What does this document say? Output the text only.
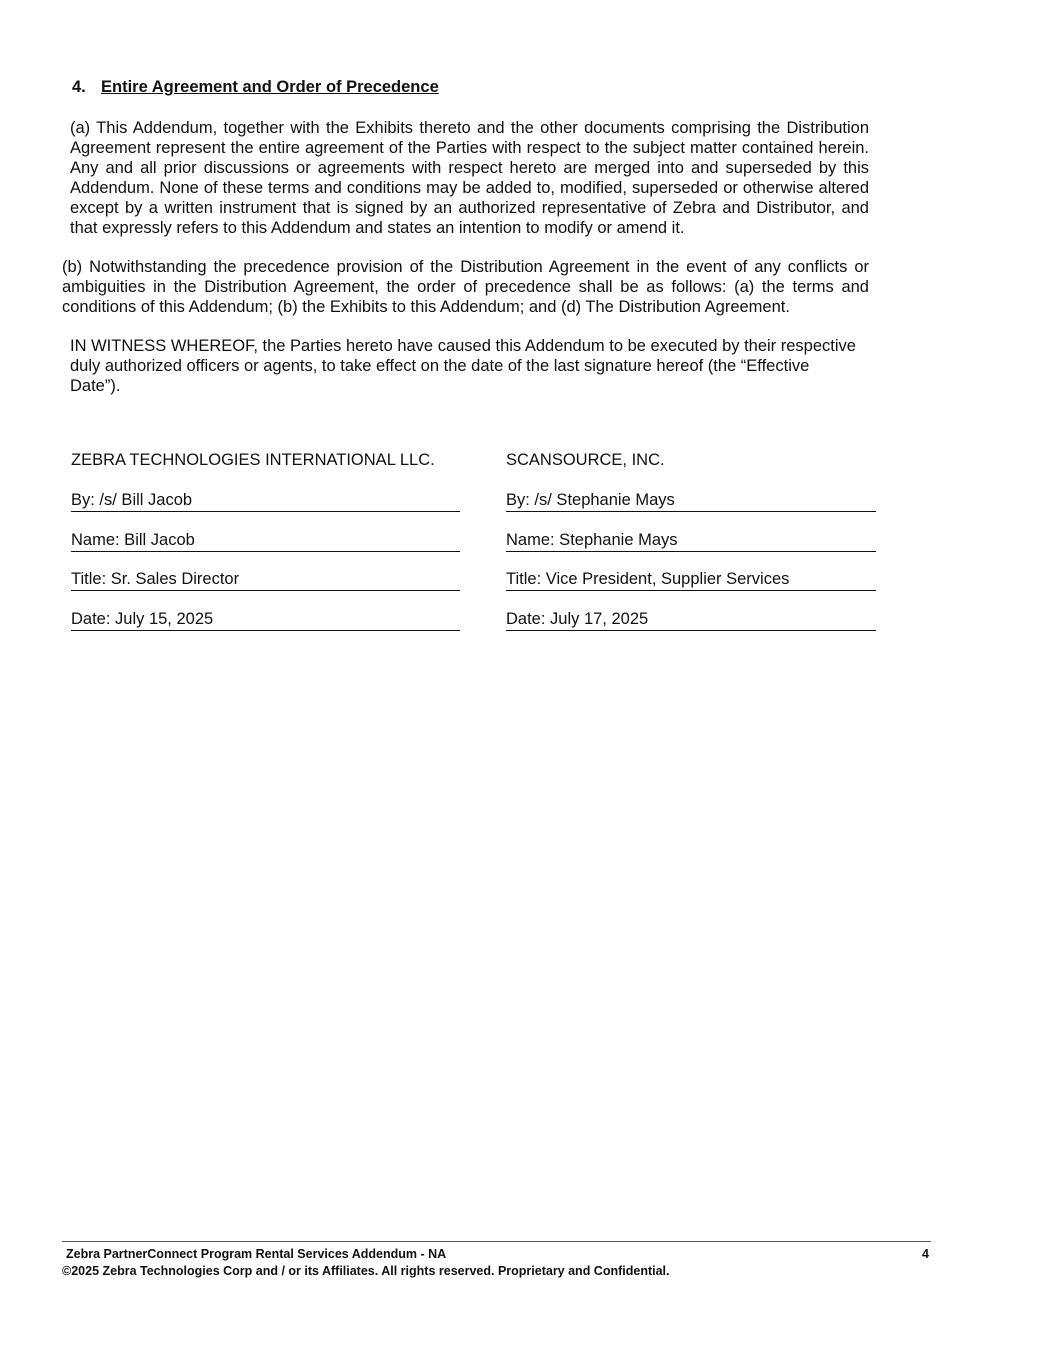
4. Entire Agreement and Order of Precedence

(a) This Addendum, together with the Exhibits thereto and the other documents comprising the Distribution Agreement represent the entire agreement of the Parties with respect to the subject matter contained herein. Any and all prior discussions or agreements with respect hereto are merged into and superseded by this Addendum. None of these terms and conditions may be added to, modified, superseded or otherwise altered except by a written instrument that is signed by an authorized representative of Zebra and Distributor, and that expressly refers to this Addendum and states an intention to modify or amend it.

(b) Notwithstanding the precedence provision of the Distribution Agreement in the event of any conflicts or ambiguities in the Distribution Agreement, the order of precedence shall be as follows: (a) the terms and conditions of this Addendum; (b) the Exhibits to this Addendum; and (d) The Distribution Agreement.

IN WITNESS WHEREOF, the Parties hereto have caused this Addendum to be executed by their respective duly authorized officers or agents, to take effect on the date of the last signature hereof (the “Effective Date”).

ZEBRA TECHNOLOGIES INTERNATIONAL LLC.
By: /s/ Bill Jacob
Name: Bill Jacob
Title: Sr. Sales Director
Date: July 15, 2025
SCANSOURCE, INC.
By: /s/ Stephanie Mays
Name: Stephanie Mays
Title: Vice President, Supplier Services
Date: July 17, 2025
Zebra PartnerConnect Program Rental Services Addendum - NA	4
©2025 Zebra Technologies Corp and / or its Affiliates. All rights reserved. Proprietary and Confidential.
